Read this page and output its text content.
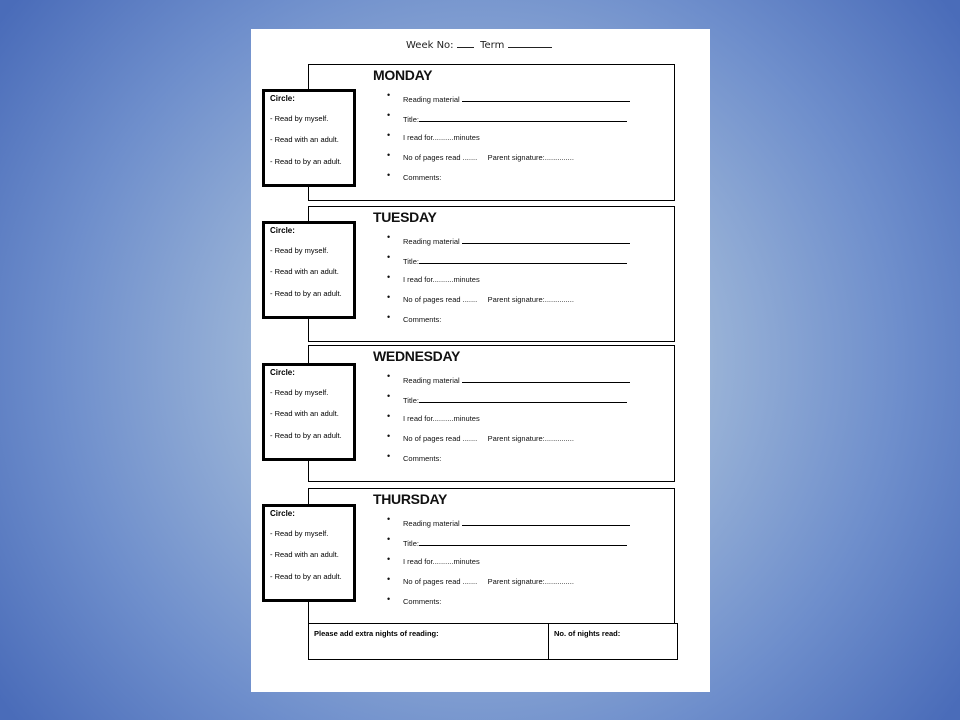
Week No:	Term
MONDAY
• Reading material
• Title:
• I read for..........minutes
• No of pages read ....... Parent signature:..............
• Comments:
Circle:
- Read by myself.
- Read with an adult.
- Read to by an adult.
TUESDAY
• Reading material
• Title:
• I read for..........minutes
• No of pages read ....... Parent signature:..............
• Comments:
Circle:
- Read by myself.
- Read with an adult.
- Read to by an adult.
WEDNESDAY
• Reading material
• Title:
• I read for..........minutes
• No of pages read ....... Parent signature:..............
• Comments:
Circle:
- Read by myself.
- Read with an adult.
- Read to by an adult.
THURSDAY
• Reading material
• Title:
• I read for..........minutes
• No of pages read ....... Parent signature:..............
• Comments:
Circle:
- Read by myself.
- Read with an adult.
- Read to by an adult.
Please add extra nights of reading:	No. of nights read:
